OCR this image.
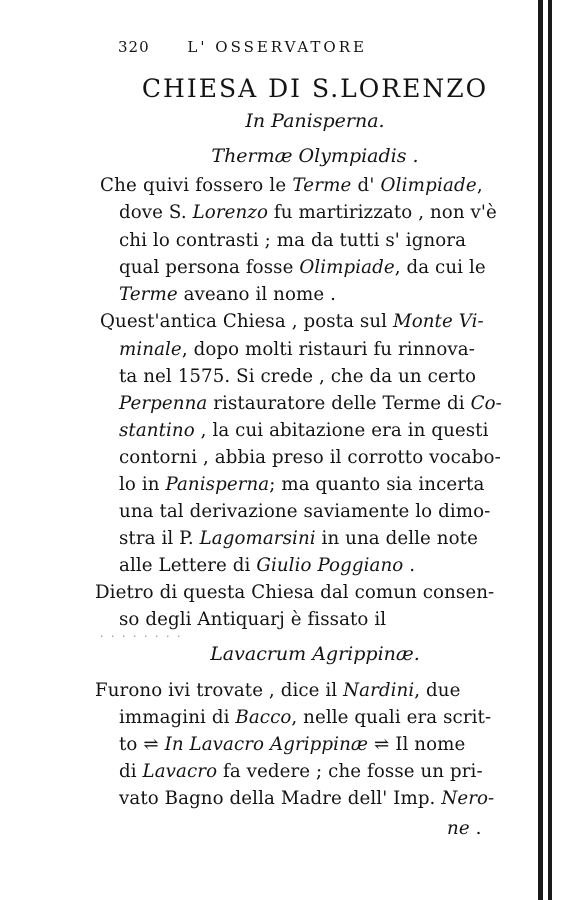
320	L' OSSERVATORE
CHIESA DI S.LORENZO
In Panisperna.
Thermæ Olympiadis .
Che quivi fossero le Terme d' Olimpiade,
dove S. Lorenzo fu martirizzato , non v'è
chi lo contrasti ; ma da tutti s' ignora
qual persona fosse Olimpiade, da cui le
Terme aveano il nome .
Quest'antica Chiesa , posta sul Monte Vi-
minale, dopo molti ristauri fu rinnova-
ta nel 1575. Si crede , che da un certo
Perpenna ristauratore delle Terme di Co-
stantino , la cui abitazione era in questi
contorni , abbia preso il corrotto vocabo-
lo in Panisperna; ma quanto sia incerta
una tal derivazione saviamente lo dimo-
stra il P. Lagomarsini in una delle note
alle Lettere di Giulio Poggiano .
Dietro di questa Chiesa dal comun consen-
so degli Antiquarj è fissato il
· · · · · · · ·
Lavacrum Agrippinæ.
Furono ivi trovate , dice il Nardini, due
immagini di Bacco, nelle quali era scrit-
to ⇌ In Lavacro Agrippinæ ⇌ Il nome
di Lavacro fa vedere ; che fosse un pri-
vato Bagno della Madre dell' Imp. Nero-
ne .
